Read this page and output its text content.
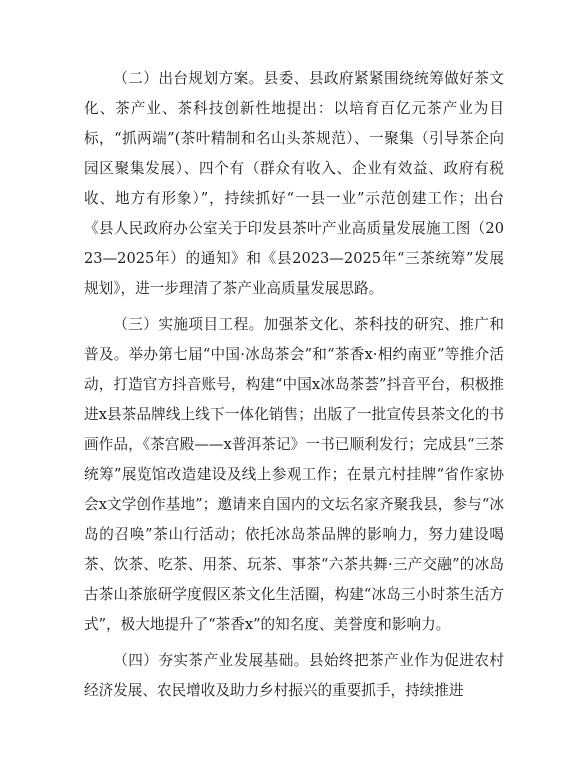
（二）出台规划方案。县委、县政府紧紧围绕统筹做好茶文化、茶产业、茶科技创新性地提出：以培育百亿元茶产业为目标，“抓两端”(茶叶精制和名山头茶规范）、一聚集（引导茶企向园区聚集发展）、四个有（群众有收入、企业有效益、政府有税收、地方有形象）”，持续抓好“一县一业”示范创建工作；出台《县人民政府办公室关于印发县茶叶产业高质量发展施工图（2023—2025年）的通知》和《县2023—2025年“三茶统筹”发展规划》，进一步理清了茶产业高质量发展思路。

（三）实施项目工程。加强茶文化、茶科技的研究、推广和普及。举办第七届“中国·冰岛茶会”和“茶香x·相约南亚”等推介活动，打造官方抖音账号，构建“中国x冰岛茶荟”抖音平台，积极推进x县茶品牌线上线下一体化销售；出版了一批宣传县茶文化的书画作品，《茶宫殿——x普洱茶记》一书已顺利发行；完成县“三茶统筹”展览馆改造建设及线上参观工作；在景亢村挂牌“省作家协会x文学创作基地”；邀请来自国内的文坛名家齐聚我县，参与“冰岛的召唤”茶山行活动；依托冰岛茶品牌的影响力，努力建设喝茶、饮茶、吃茶、用茶、玩茶、事茶“六茶共舞·三产交融”的冰岛古茶山茶旅研学度假区茶文化生活圈，构建“冰岛三小时茶生活方式”，极大地提升了“茶香x”的知名度、美誉度和影响力。

（四）夯实茶产业发展基础。县始终把茶产业作为促进农村经济发展、农民增收及助力乡村振兴的重要抓手，持续推进
